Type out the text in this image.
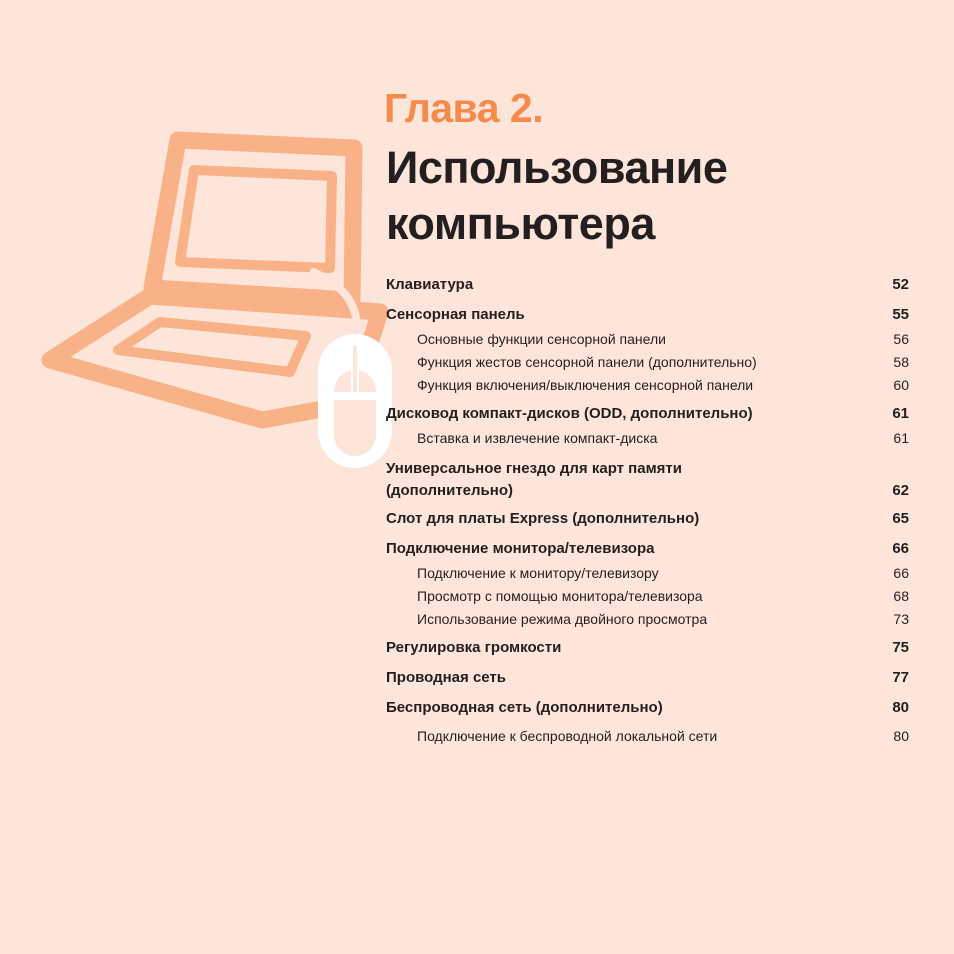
Глава 2.
Использование
компьютера
Клавиатура	52
Сенсорная панель	55
Основные функции сенсорной панели	56
Функция жестов сенсорной панели (дополнительно)	58
Функция включения/выключения сенсорной панели	60
Дисковод компакт-дисков (ODD, дополнительно)	61
Вставка и извлечение компакт-диска	61
Универсальное гнездо для карт памяти
(дополнительно)	62
Слот для платы Express (дополнительно)	65
Подключение монитора/телевизора	66
Подключение к монитору/телевизору	66
Просмотр с помощью монитора/телевизора	68
Использование режима двойного просмотра	73
Регулировка громкости	75
Проводная сеть	77
Беспроводная сеть (дополнительно)	80
Подключение к беспроводной локальной сети	80
